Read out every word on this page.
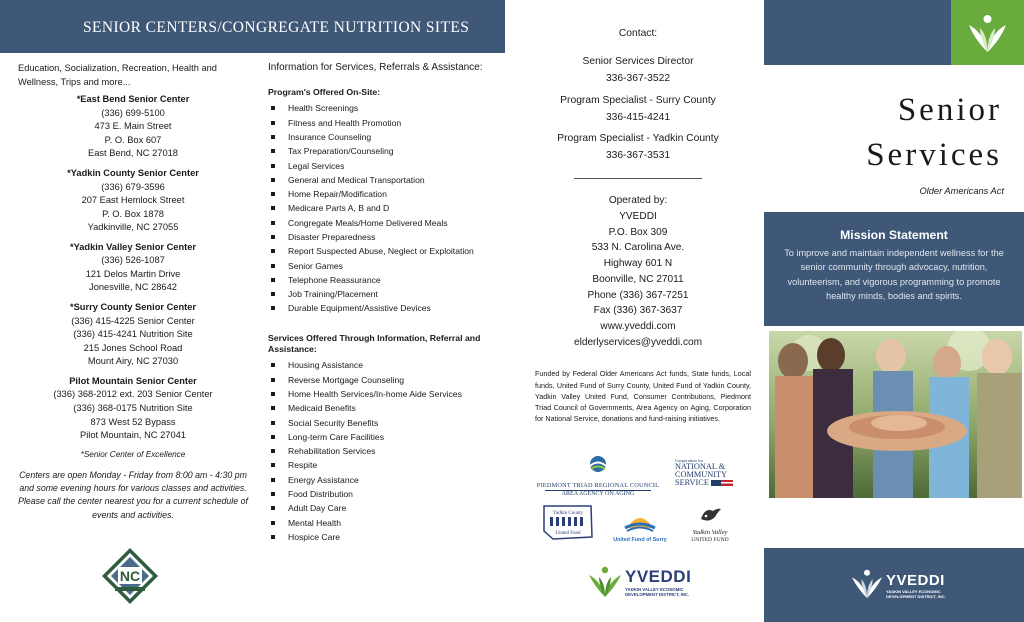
SENIOR CENTERS/CONGREGATE NUTRITION SITES
Education, Socialization, Recreation, Health and Wellness, Trips and more...
*East Bend Senior Center
(336) 699-5100
473 E. Main Street
P. O. Box 607
East Bend, NC 27018
*Yadkin County Senior Center
(336) 679-3596
207 East Hemlock Street
P. O. Box 1878
Yadkinville, NC 27055
*Yadkin Valley Senior Center
(336) 526-1087
121 Delos Martin Drive
Jonesville, NC 28642
*Surry County Senior Center
(336) 415-4225 Senior Center
(336) 415-4241 Nutrition Site
215 Jones School Road
Mount Airy, NC 27030
Pilot Mountain Senior Center
(336) 368-2012 ext. 203 Senior Center
(336) 368-0175 Nutrition Site
873 West 52 Bypass
Pilot Mountain, NC 27041
*Senior Center of Excellence
Centers are open Monday - Friday from 8:00 am - 4:30 pm and some evening hours for various classes and activities. Please call the center nearest you for a current schedule of events and activities.
NC
Information for Services, Referrals & Assistance:
Program's Offered On-Site:
Health Screenings
Fitness and Health Promotion
Insurance Counseling
Tax Preparation/Counseling
Legal Services
General and Medical Transportation
Home Repair/Modification
Medicare Parts A, B and D
Congregate Meals/Home Delivered Meals
Disaster Preparedness
Report Suspected Abuse, Neglect or Exploitation
Senior Games
Telephone Reassurance
Job Training/Placement
Durable Equipment/Assistive Devices
Services Offered Through Information, Referral and Assistance:
Housing Assistance
Reverse Mortgage Counseling
Home Health Services/In-home Aide Services
Medicaid Benefits
Social Security Benefits
Long-term Care Facilities
Rehabilitation Services
Respite
Energy Assistance
Food Distribution
Adult Day Care
Mental Health
Hospice Care
Contact:
Senior Services Director
336-367-3522
Program Specialist - Surry County
336-415-4241
Program Specialist - Yadkin County
336-367-3531
Operated by:
YVEDDI
P.O. Box 309
533 N. Carolina Ave.
Highway 601 N
Boonville, NC 27011
Phone (336) 367-7251
Fax (336) 367-3637
www.yveddi.com
elderlyservices@yveddi.com
Funded by Federal Older Americans Act funds, State funds, Local funds, United Fund of Surry County, United Fund of Yadkin County, Yadkin Valley United Fund, Consumer Contributions, Piedmont Triad Council of Governments, Area Agency on Aging, Corporation for National Service, donations and fund-raising initiatives.
PIEDMONT TRIAD REGIONAL COUNCIL
AREA AGENCY ON AGING
Corporation for
NATIONAL &
COMMUNITY
SERVICE
Yadkin County
United Fund
United Fund of Surry
Yadkin Valley
UNITED FUND
YVEDDI
YADKIN VALLEY ECONOMIC
DEVELOPMENT DISTRICT, INC.
Senior
Services
Older Americans Act
Mission Statement
To improve and maintain independent wellness for the senior community through advocacy, nutrition, volunteerism, and vigorous programming to promote healthy minds, bodies and spirits.
YVEDDI
YADKIN VALLEY ECONOMIC
DEVELOPMENT DISTRICT, INC.
